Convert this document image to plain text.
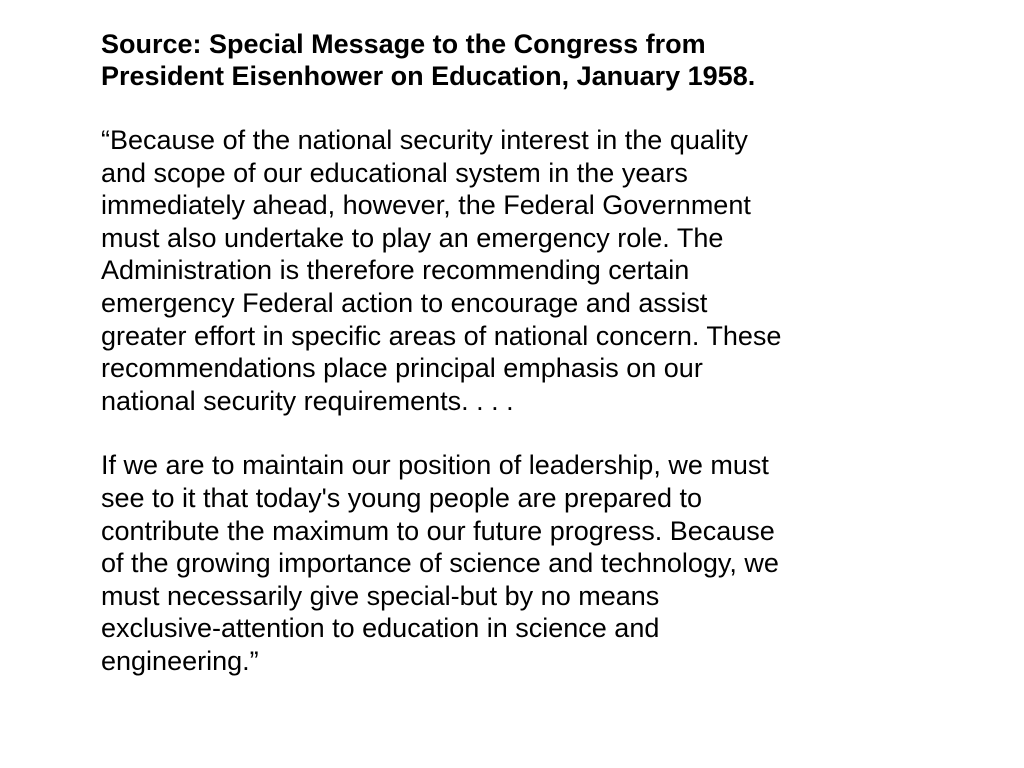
Source: Special Message to the Congress from
President Eisenhower on Education, January 1958.

“Because of the national security interest in the quality
and scope of our educational system in the years
immediately ahead, however, the Federal Government
must also undertake to play an emergency role. The
Administration is therefore recommending certain
emergency Federal action to encourage and assist
greater effort in specific areas of national concern. These
recommendations place principal emphasis on our
national security requirements. . . .

If we are to maintain our position of leadership, we must
see to it that today's young people are prepared to
contribute the maximum to our future progress. Because
of the growing importance of science and technology, we
must necessarily give special-but by no means
exclusive-attention to education in science and
engineering.”
